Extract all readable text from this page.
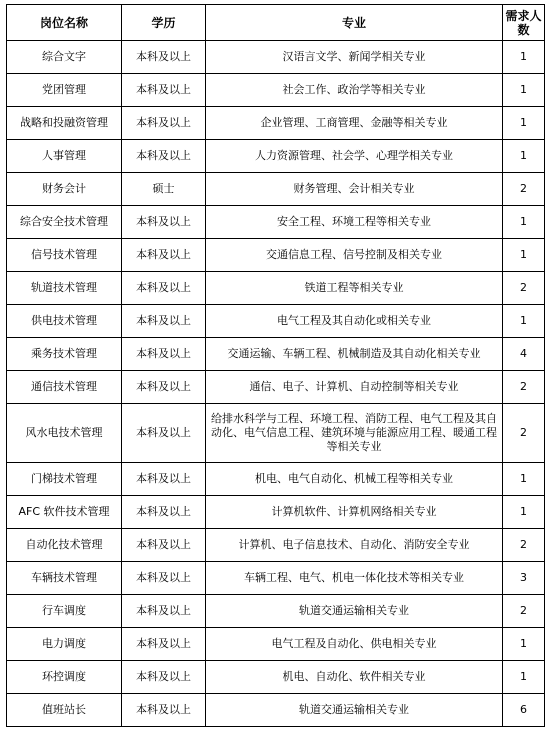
岗位名称	学历	专业	需求人数
综合文字	本科及以上	汉语言文学、新闻学相关专业	1
党团管理	本科及以上	社会工作、政治学等相关专业	1
战略和投融资管理	本科及以上	企业管理、工商管理、金融等相关专业	1
人事管理	本科及以上	人力资源管理、社会学、心理学相关专业	1
财务会计	硕士	财务管理、会计相关专业	2
综合安全技术管理	本科及以上	安全工程、环境工程等相关专业	1
信号技术管理	本科及以上	交通信息工程、信号控制及相关专业	1
轨道技术管理	本科及以上	铁道工程等相关专业	2
供电技术管理	本科及以上	电气工程及其自动化或相关专业	1
乘务技术管理	本科及以上	交通运输、车辆工程、机械制造及其自动化相关专业	4
通信技术管理	本科及以上	通信、电子、计算机、自动控制等相关专业	2
风水电技术管理	本科及以上	给排水科学与工程、环境工程、消防工程、电气工程及其自动化、电气信息工程、建筑环境与能源应用工程、暖通工程等相关专业	2
门梯技术管理	本科及以上	机电、电气自动化、机械工程等相关专业	1
AFC 软件技术管理	本科及以上	计算机软件、计算机网络相关专业	1
自动化技术管理	本科及以上	计算机、电子信息技术、自动化、消防安全专业	2
车辆技术管理	本科及以上	车辆工程、电气、机电一体化技术等相关专业	3
行车调度	本科及以上	轨道交通运输相关专业	2
电力调度	本科及以上	电气工程及自动化、供电相关专业	1
环控调度	本科及以上	机电、自动化、软件相关专业	1
值班站长	本科及以上	轨道交通运输相关专业	6
